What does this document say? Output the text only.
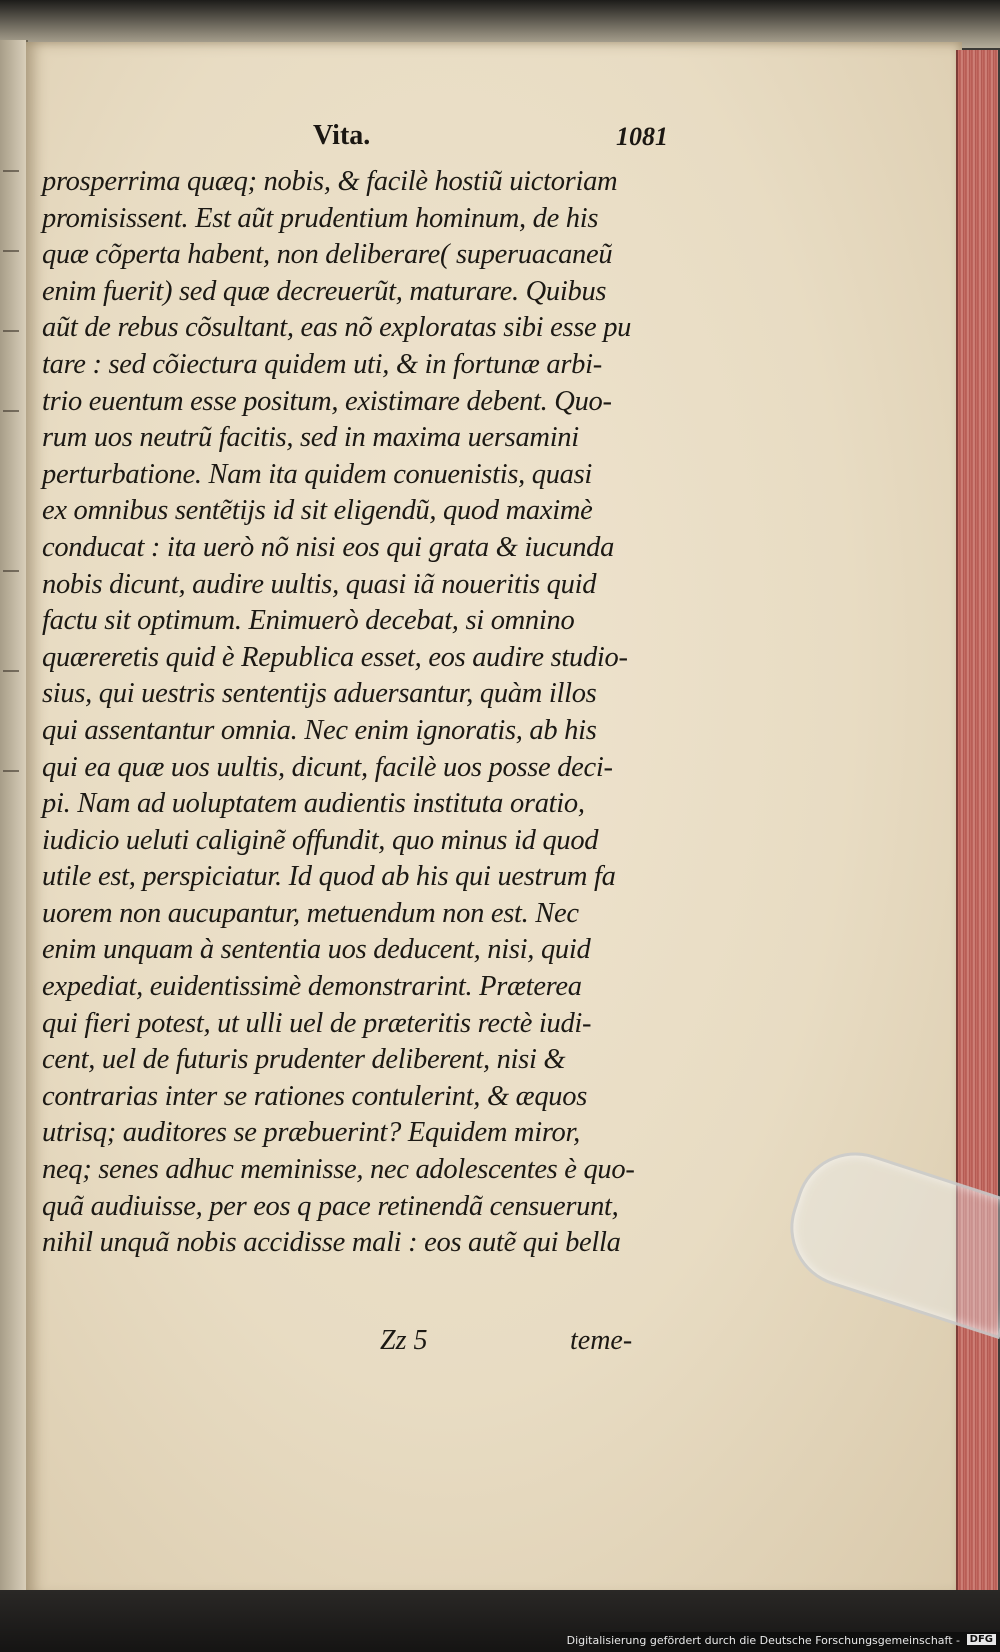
Vita.	1081
prosperrima quæq; nobis, & facilè hostiũ uictoriam
promisissent. Est aũt prudentium hominum, de his
quæ cõperta habent, non deliberare( superuacaneũ
enim fuerit) sed quæ decreuerũt, maturare. Quibus
aũt de rebus cõsultant, eas nõ exploratas sibi esse pu
tare : sed cõiectura quidem uti, & in fortunæ arbi-
trio euentum esse positum, existimare debent. Quo-
rum uos neutrũ facitis, sed in maxima uersamini
perturbatione. Nam ita quidem conuenistis, quasi
ex omnibus sentẽtijs id sit eligendũ, quod maximè
conducat : ita uerò nõ nisi eos qui grata & iucunda
nobis dicunt, audire uultis, quasi iã noueritis quid
factu sit optimum. Enimuerò decebat, si omnino
quæreretis quid è Republica esset, eos audire studio-
sius, qui uestris sententijs aduersantur, quàm illos
qui assentantur omnia. Nec enim ignoratis, ab his
qui ea quæ uos uultis, dicunt, facilè uos posse deci-
pi. Nam ad uoluptatem audientis instituta oratio,
iudicio ueluti caliginẽ offundit, quo minus id quod
utile est, perspiciatur. Id quod ab his qui uestrum fa
uorem non aucupantur, metuendum non est. Nec
enim unquam à sententia uos deducent, nisi, quid
expediat, euidentissimè demonstrarint. Præterea
qui fieri potest, ut ulli uel de præteritis rectè iudi-
cent, uel de futuris prudenter deliberent, nisi &
contrarias inter se rationes contulerint, & æquos
utrisq; auditores se præbuerint? Equidem miror,
neq; senes adhuc meminisse, nec adolescentes è quo-
quã audiuisse, per eos q pace retinendã censuerunt,
nihil unquã nobis accidisse mali : eos autẽ qui bella
Zz 5	teme-
Digitalisierung gefördert durch die Deutsche Forschungsgemeinschaft - DFG
